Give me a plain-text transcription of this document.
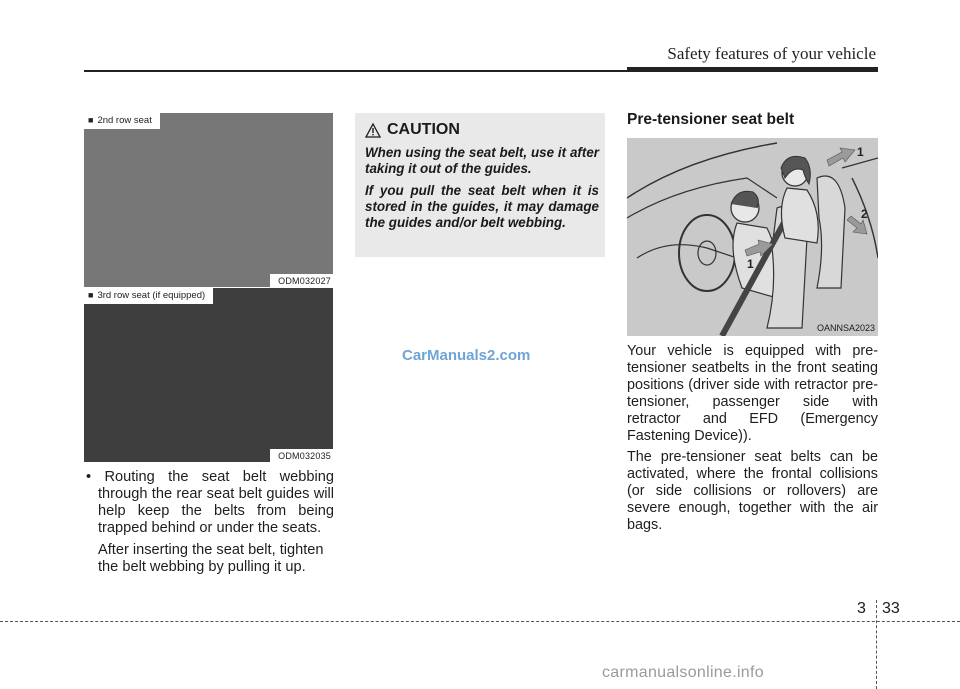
Safety features of your vehicle
■ 2nd row seat
ODM032027
■ 3rd row seat (if equipped)
ODM032035

• Routing the seat belt webbing through the rear seat belt guides will help keep the belts from being trapped behind or under the seats.

After inserting the seat belt, tighten the belt webbing by pulling it up.

CAUTION

When using the seat belt, use it after taking it out of the guides.

If you pull the seat belt when it is stored in the guides, it may damage the guides and/or belt webbing.

CarManuals2.com
Pre-tensioner seat belt
1
2
1
OANNSA2023

Your vehicle is equipped with pre-tensioner seatbelts in the front seating positions (driver side with retractor pre-tensioner, passenger side with retractor and EFD (Emergency Fastening Device)).

The pre-tensioner seat belts can be activated, where the frontal collisions (or side collisions or rollovers) are severe enough, together with the air bags.

3 33
carmanualsonline.info
